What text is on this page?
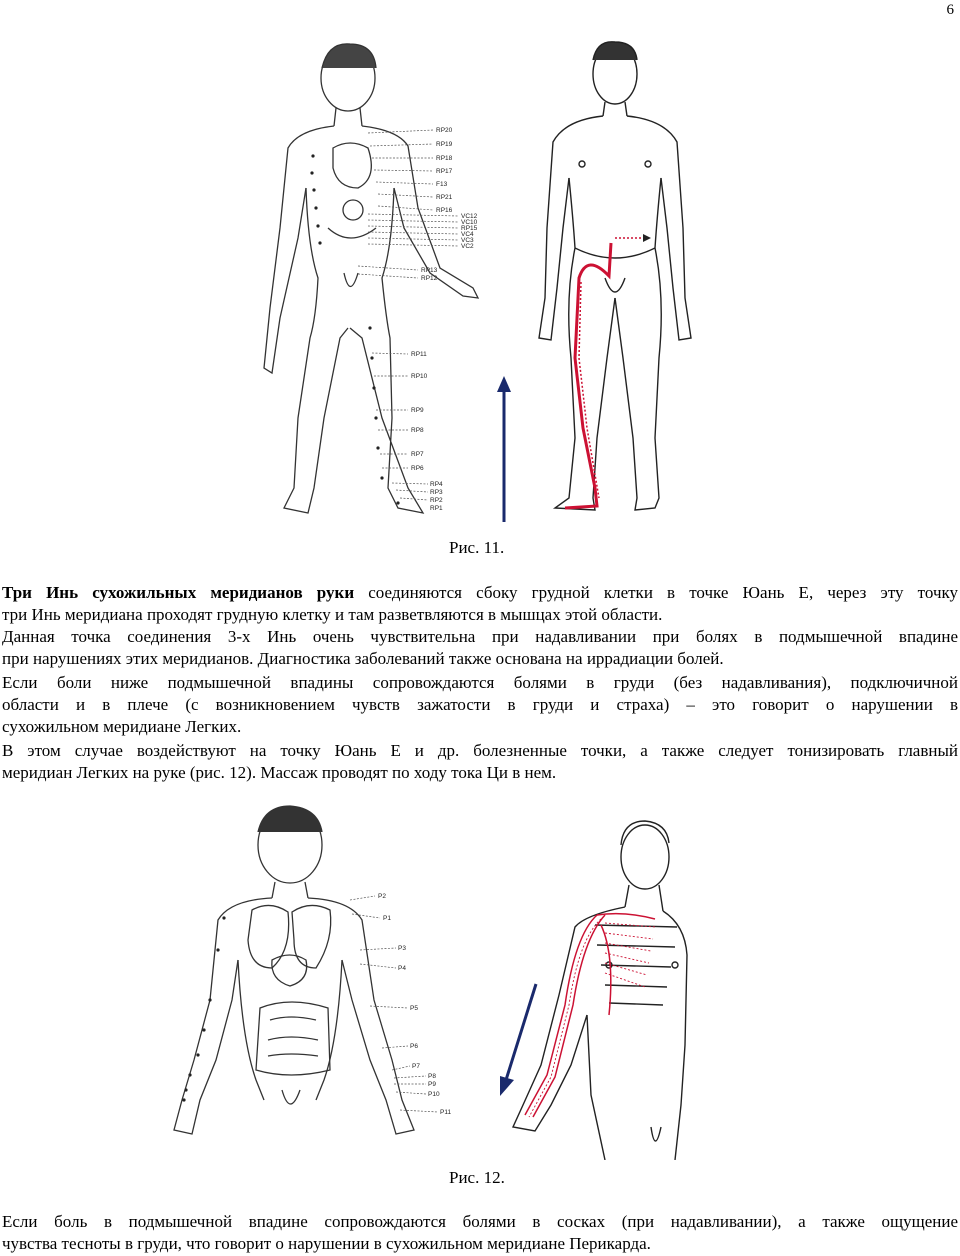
6
RP20
RP19
RP18
RP17
F13
RP21
RP16
VC12
VC10
RP15
VC4
VC3
VC2
RP13
RP12
RP11
RP10
RP9
RP8
RP7
RP6
RP4
RP3
RP2
RP1
Рис. 11.
Три Инь сухожильных меридианов руки соединяются сбоку грудной клетки в точке Юань Е, через эту точку
три Инь меридиана проходят грудную клетку и там разветвляются в мышцах этой области.
Данная точка соединения 3-х Инь очень чувствительна при надавливании при болях в подмышечной впадине
при нарушениях этих меридианов. Диагностика заболеваний также основана на иррадиации болей.
Если боли ниже подмышечной впадины сопровождаются болями в груди (без надавливания), подключичной
области и в плече (с возникновением чувств зажатости в груди и страха) – это говорит о нарушении в
сухожильном меридиане Легких.
В этом случае воздействуют на точку Юань Е и др. болезненные точки, а также следует тонизировать главный
меридиан Легких на руке (рис. 12). Массаж проводят по ходу тока Ци в нем.
P2
P1
P3
P4
P5
P6
P7
P8
P9
P10
P11
Рис. 12.
Если боль в подмышечной впадине сопровождаются болями в сосках (при надавливании), а также ощущение
чувства тесноты в груди, что говорит о нарушении в сухожильном меридиане Перикарда.
